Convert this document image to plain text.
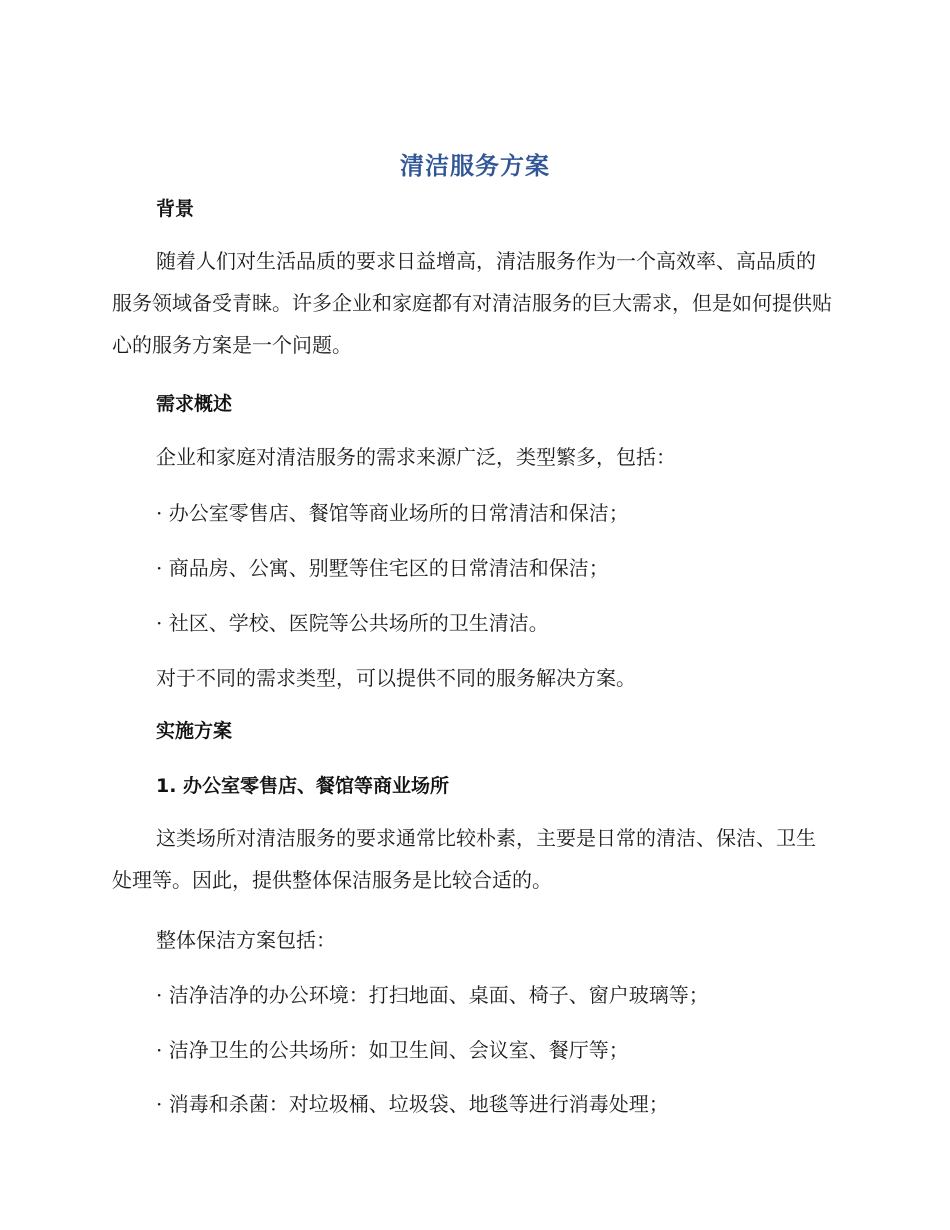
清洁服务方案
背景
随着人们对生活品质的要求日益增高，清洁服务作为一个高效率、高品质的服务领域备受青睐。许多企业和家庭都有对清洁服务的巨大需求，但是如何提供贴心的服务方案是一个问题。
需求概述
企业和家庭对清洁服务的需求来源广泛，类型繁多，包括：
· 办公室零售店、餐馆等商业场所的日常清洁和保洁；
· 商品房、公寓、别墅等住宅区的日常清洁和保洁；
· 社区、学校、医院等公共场所的卫生清洁。
对于不同的需求类型，可以提供不同的服务解决方案。
实施方案
1. 办公室零售店、餐馆等商业场所
这类场所对清洁服务的要求通常比较朴素，主要是日常的清洁、保洁、卫生处理等。因此，提供整体保洁服务是比较合适的。
整体保洁方案包括：
· 洁净洁净的办公环境：打扫地面、桌面、椅子、窗户玻璃等；
· 洁净卫生的公共场所：如卫生间、会议室、餐厅等；
· 消毒和杀菌：对垃圾桶、垃圾袋、地毯等进行消毒处理；
